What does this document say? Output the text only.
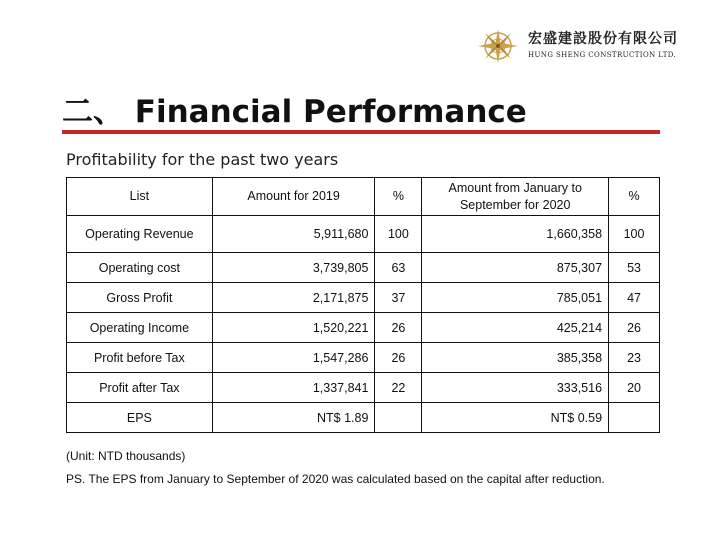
宏盛建設股份有限公司
HUNG SHENG CONSTRUCTION LTD.
二、 Financial Performance
Profitability for the past two years
List	Amount for 2019	%	Amount from January to September for 2020	%
Operating Revenue	5,911,680	100	1,660,358	100
Operating cost	3,739,805	63	875,307	53
Gross Profit	2,171,875	37	785,051	47
Operating Income	1,520,221	26	425,214	26
Profit before Tax	1,547,286	26	385,358	23
Profit after Tax	1,337,841	22	333,516	20
EPS	NT$ 1.89		NT$ 0.59	
(Unit: NTD thousands)
PS. The EPS from January to September of 2020 was calculated based on the capital after reduction.
